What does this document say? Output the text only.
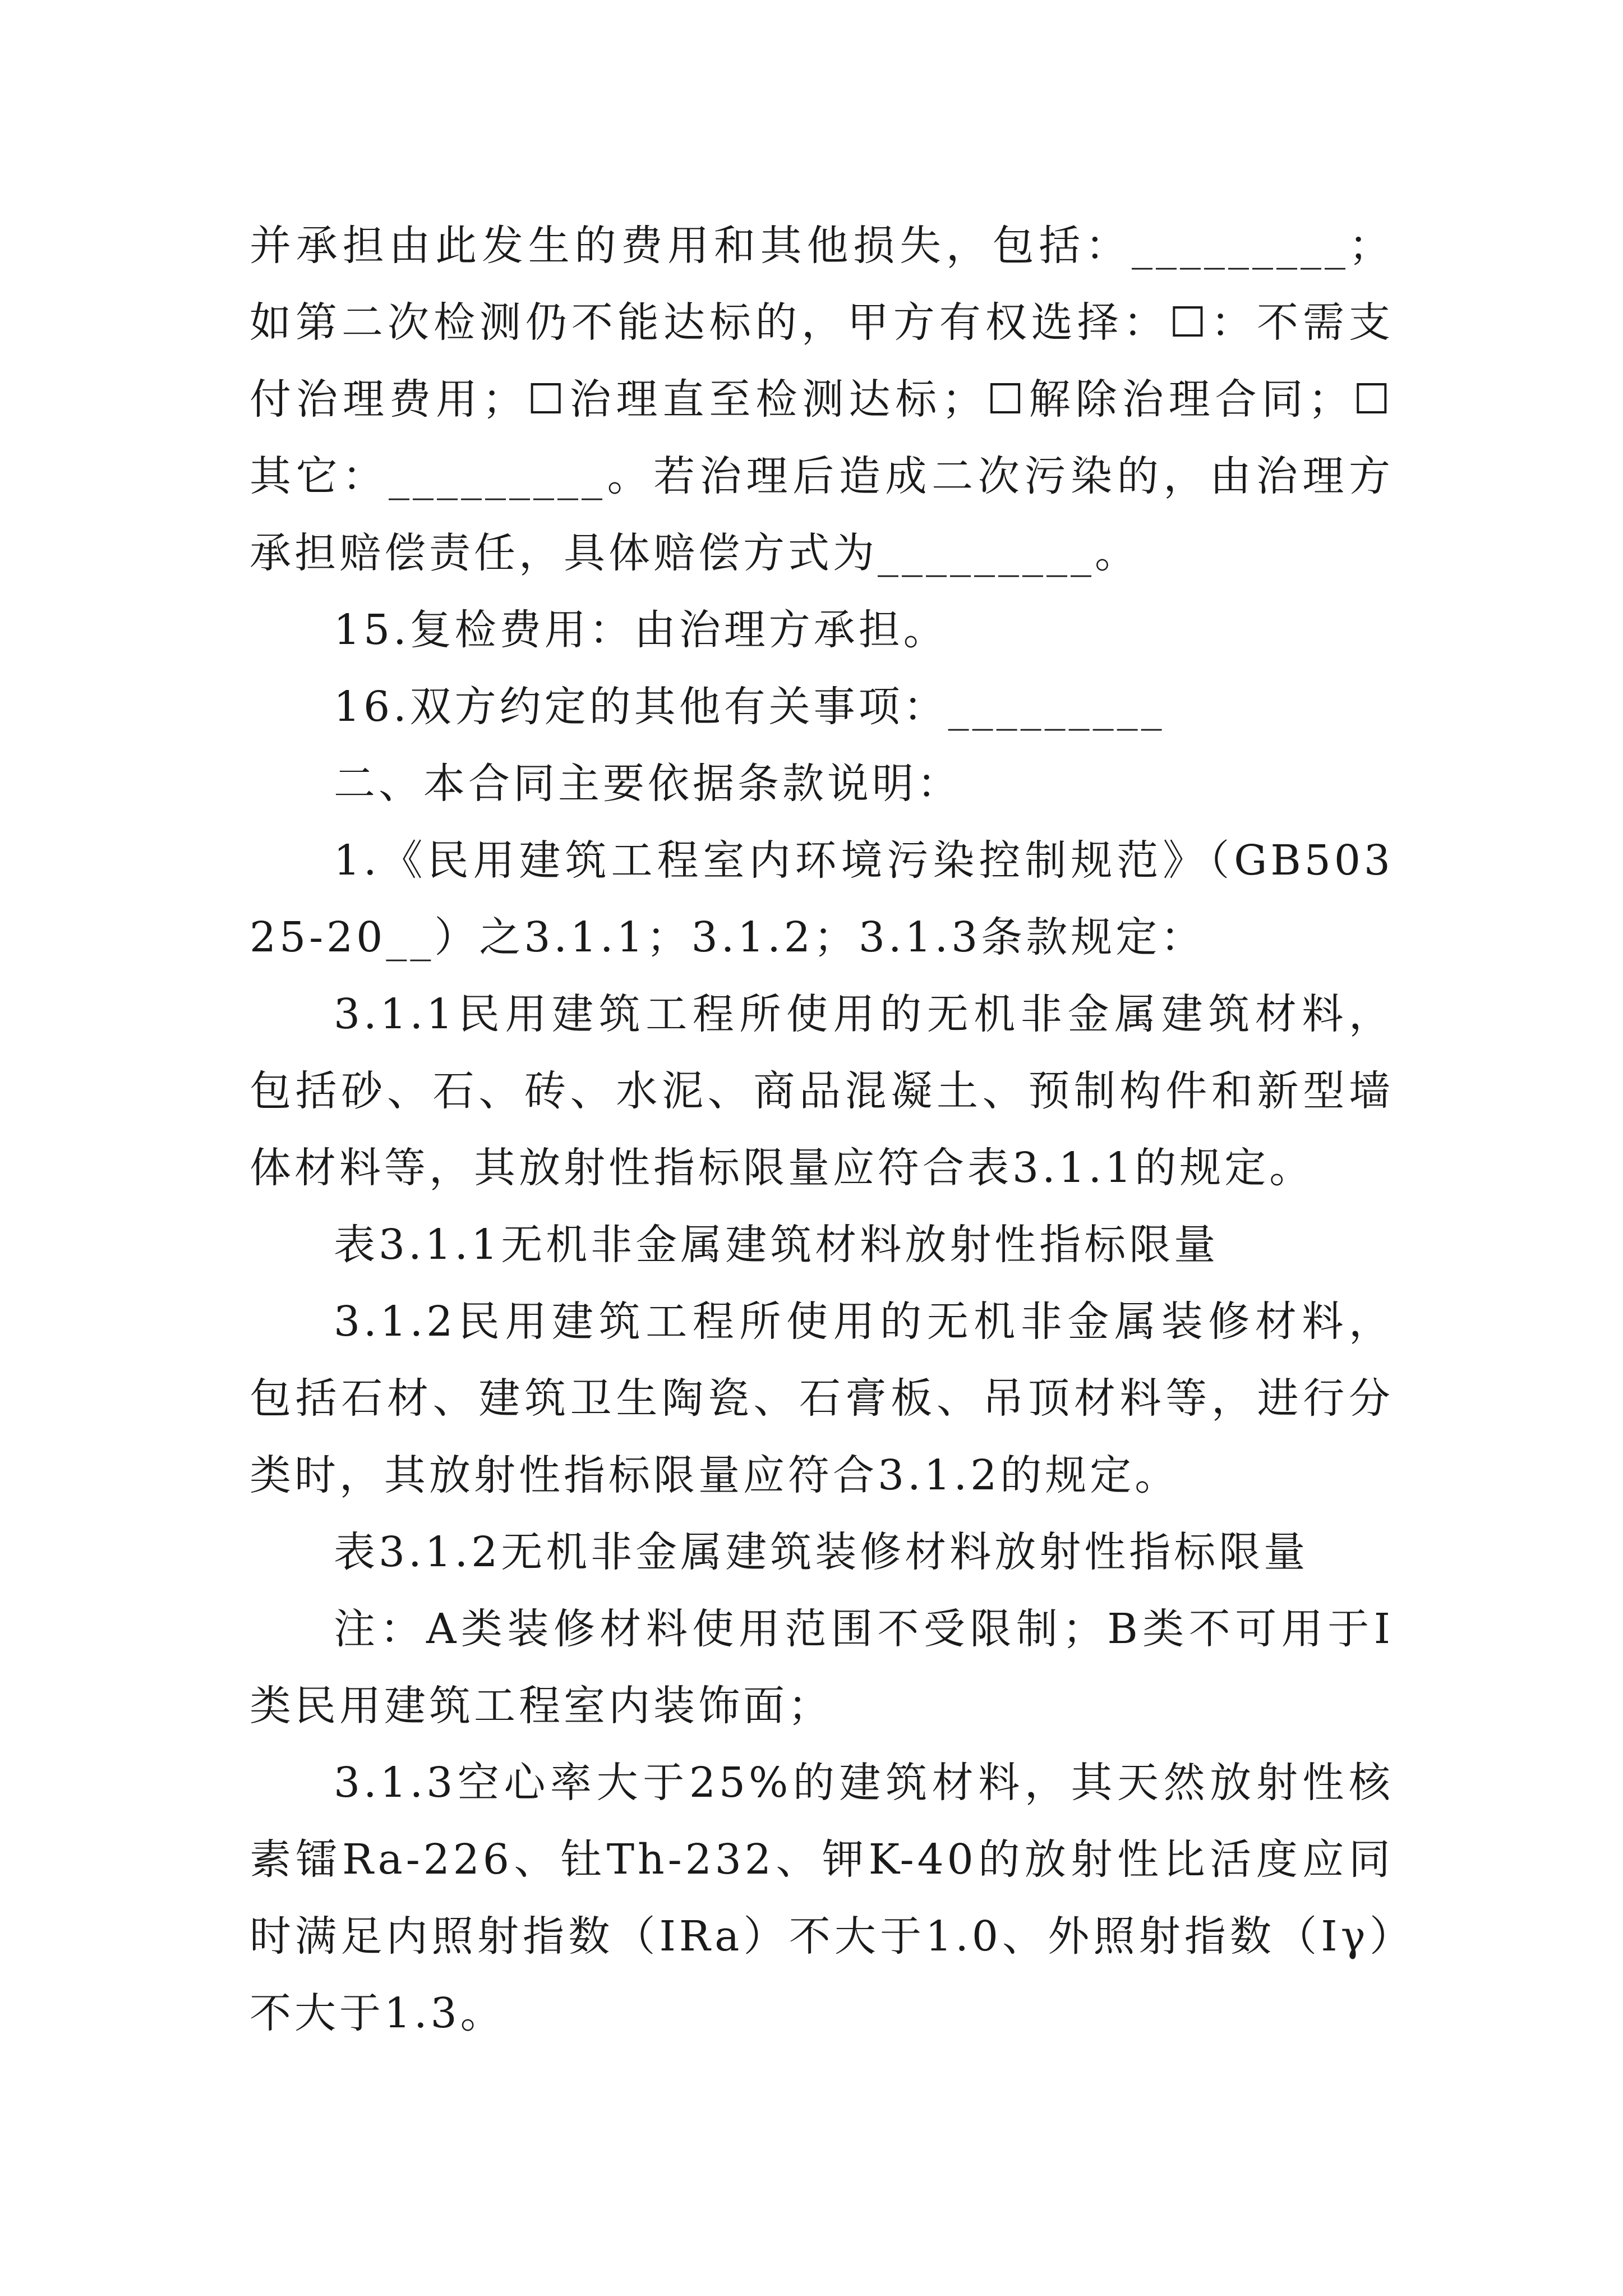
并承担由此发生的费用和其他损失，包括：_________；如第二次检测仍不能达标的，甲方有权选择：☐：不需支付治理费用；☐治理直至检测达标；☐解除治理合同；☐其它：_________。若治理后造成二次污染的，由治理方承担赔偿责任，具体赔偿方式为_________。

15.复检费用：由治理方承担。

16.双方约定的其他有关事项：_________

二、本合同主要依据条款说明：

1.《民用建筑工程室内环境污染控制规范》（GB50325-20__）之3.1.1；3.1.2；3.1.3条款规定：

3.1.1民用建筑工程所使用的无机非金属建筑材料，包括砂、石、砖、水泥、商品混凝土、预制构件和新型墙体材料等，其放射性指标限量应符合表3.1.1的规定。

表3.1.1无机非金属建筑材料放射性指标限量

3.1.2民用建筑工程所使用的无机非金属装修材料，包括石材、建筑卫生陶瓷、石膏板、吊顶材料等，进行分类时，其放射性指标限量应符合3.1.2的规定。

表3.1.2无机非金属建筑装修材料放射性指标限量

注：A类装修材料使用范围不受限制；B类不可用于Ⅰ类民用建筑工程室内装饰面；

3.1.3空心率大于25%的建筑材料，其天然放射性核素镭Ra-226、钍Th-232、钾K-40的放射性比活度应同时满足内照射指数（IRa）不大于1.0、外照射指数（Iγ）不大于1.3。
